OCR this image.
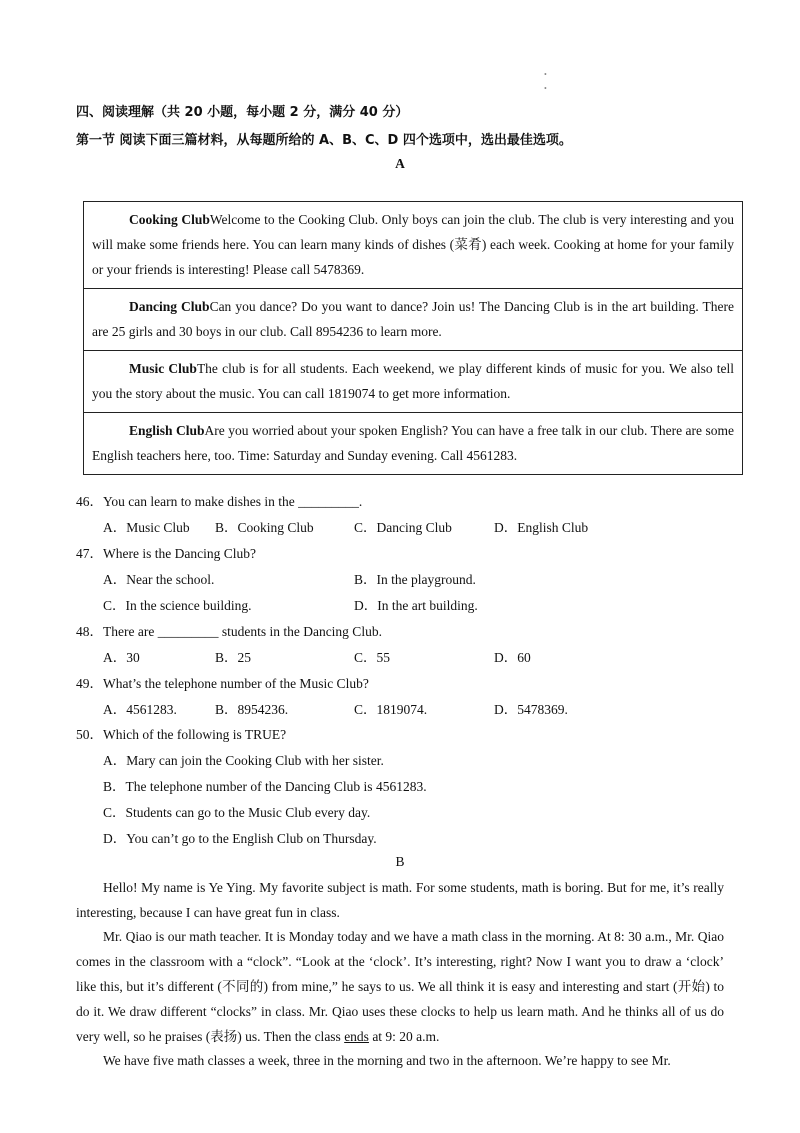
•
•
四、阅读理解（共 20 小题，每小题 2 分，满分 40 分）
第一节 阅读下面三篇材料，从每题所给的 A、B、C、D 四个选项中，选出最佳选项。
A
Cooking ClubWelcome to the Cooking Club. Only boys can join the club. The club is very interesting and you will make some friends here. You can learn many kinds of dishes (菜肴) each week. Cooking at home for your family or your friends is interesting! Please call 5478369.
Dancing ClubCan you dance? Do you want to dance? Join us! The Dancing Club is in the art building. There are 25 girls and 30 boys in our club. Call 8954236 to learn more.
Music ClubThe club is for all students. Each weekend, we play different kinds of music for you. We also tell you the story about the music. You can call 1819074 to get more information.
English ClubAre you worried about your spoken English? You can have a free talk in our club. There are some English teachers here, too. Time: Saturday and Sunday evening. Call 4561283.
46．You can learn to make dishes in the _________.
A．Music Club B．Cooking Club	C．Dancing Club	D．English Club
47．Where is the Dancing Club?
A．Near the school.	B．In the playground.
C．In the science building.	D．In the art building.
48．There are _________ students in the Dancing Club.
A．30	B．25	C．55	D．60
49．What’s the telephone number of the Music Club?
A．4561283.	B．8954236.	C．1819074.	D．5478369.
50．Which of the following is TRUE?
A．Mary can join the Cooking Club with her sister.
B．The telephone number of the Dancing Club is 4561283.
C．Students can go to the Music Club every day.
D．You can’t go to the English Club on Thursday.
B
Hello! My name is Ye Ying. My favorite subject is math. For some students, math is boring. But for me, it’s really interesting, because I can have great fun in class.
Mr. Qiao is our math teacher. It is Monday today and we have a math class in the morning. At 8: 30 a.m., Mr. Qiao comes in the classroom with a “clock”. “Look at the ‘clock’. It’s interesting, right? Now I want you to draw a ‘clock’ like this, but it’s different (不同的) from mine,” he says to us. We all think it is easy and interesting and start (开始) to do it. We draw different “clocks” in class. Mr. Qiao uses these clocks to help us learn math. And he thinks all of us do very well, so he praises (表扬) us. Then the class ends at 9: 20 a.m.
We have five math classes a week, three in the morning and two in the afternoon. We’re happy to see Mr.
